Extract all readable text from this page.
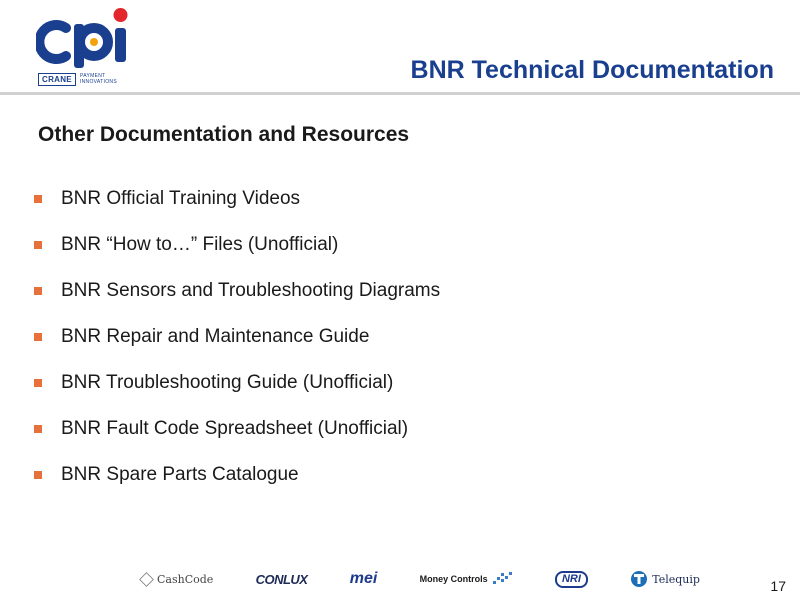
CRANE	PAYMENT INNOVATIONS	BNR Technical Documentation
Other Documentation and Resources
BNR Official Training Videos
BNR “How to…” Files (Unofficial)
BNR Sensors and Troubleshooting Diagrams
BNR Repair and Maintenance Guide
BNR Troubleshooting Guide (Unofficial)
BNR Fault Code Spreadsheet (Unofficial)
BNR Spare Parts Catalogue
CashCode	CONLUX	mei	Money Controls	NRI	Telequip	17
